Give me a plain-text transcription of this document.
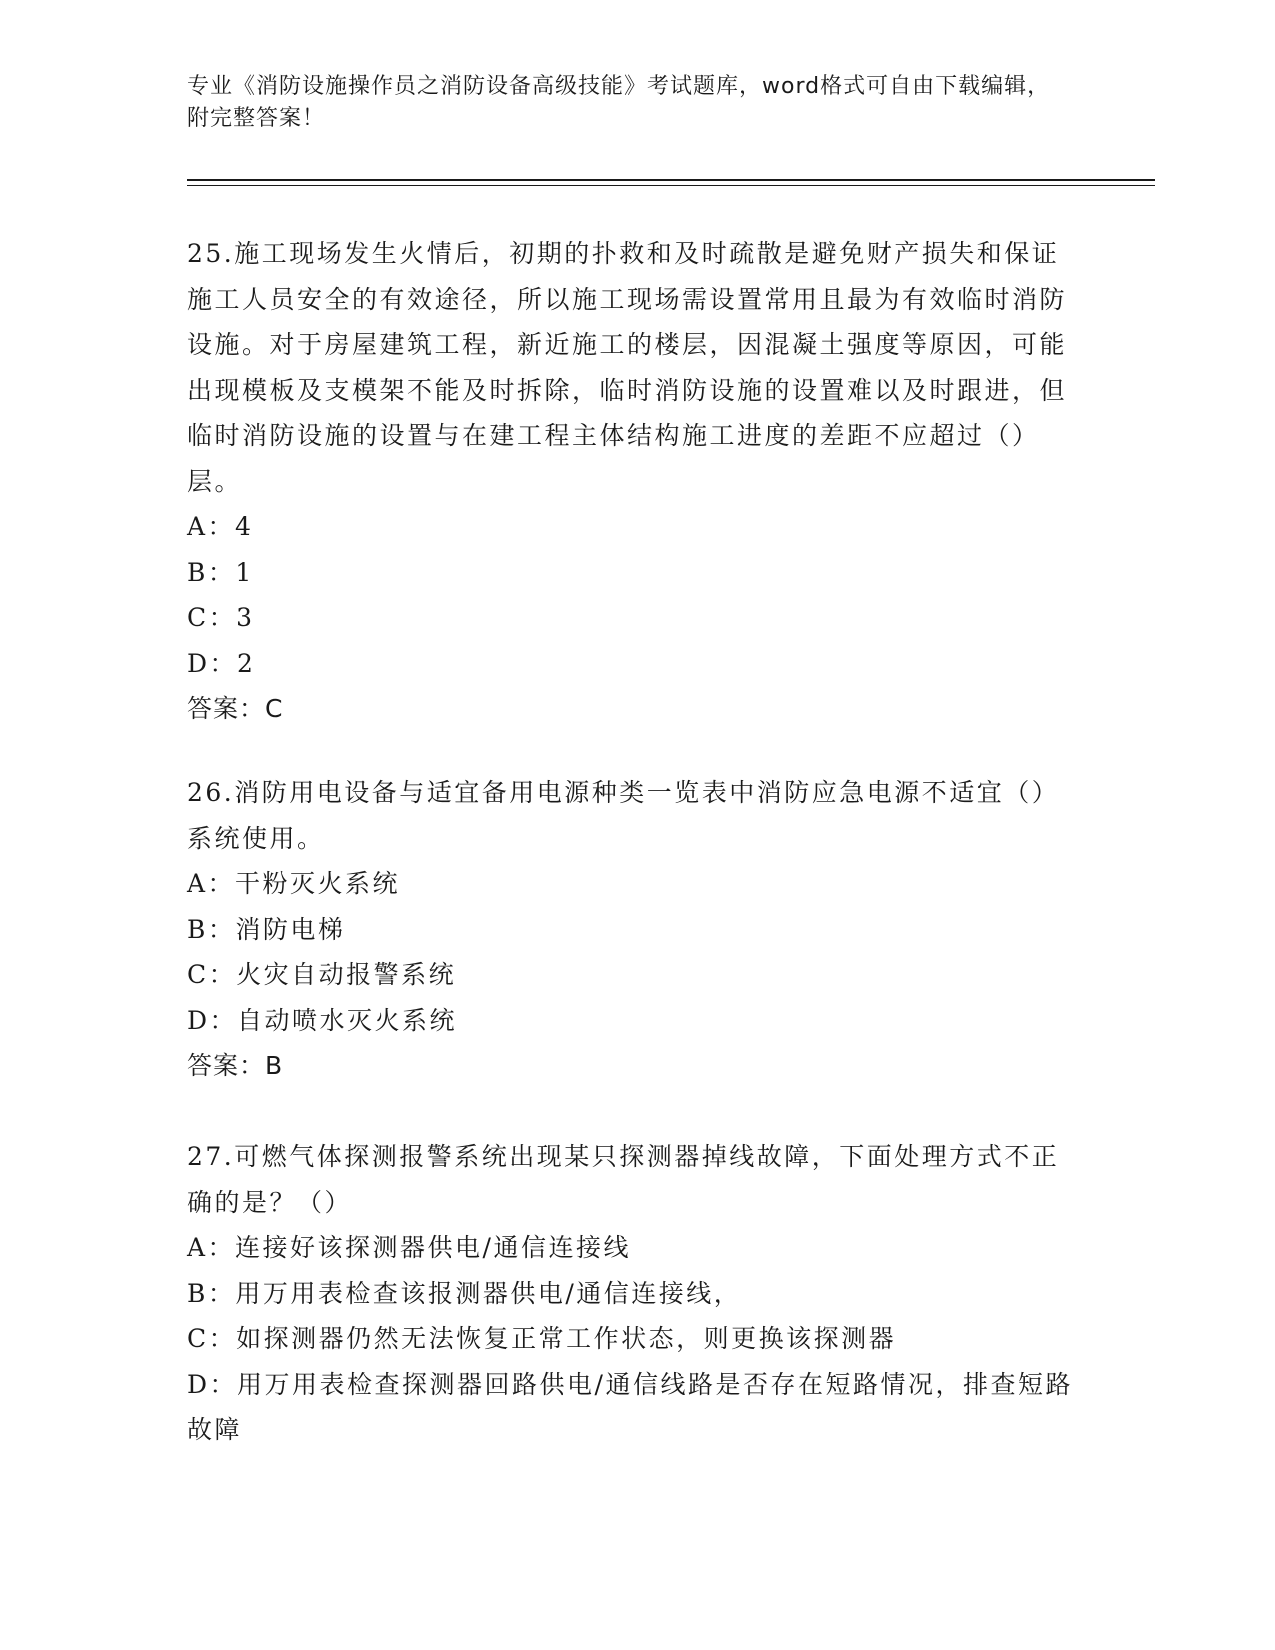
专业《消防设施操作员之消防设备高级技能》考试题库，word格式可自由下载编辑，附完整答案！

25.施工现场发生火情后，初期的扑救和及时疏散是避免财产损失和保证施工人员安全的有效途径，所以施工现场需设置常用且最为有效临时消防设施。对于房屋建筑工程，新近施工的楼层，因混凝土强度等原因，可能出现模板及支模架不能及时拆除，临时消防设施的设置难以及时跟进，但临时消防设施的设置与在建工程主体结构施工进度的差距不应超过（）层。

A：4

B：1

C：3

D：2

答案：C

26.消防用电设备与适宜备用电源种类一览表中消防应急电源不适宜（）系统使用。

A：干粉灭火系统

B：消防电梯

C：火灾自动报警系统

D：自动喷水灭火系统

答案：B

27.可燃气体探测报警系统出现某只探测器掉线故障，下面处理方式不正确的是？（）

A：连接好该探测器供电/通信连接线

B：用万用表检查该报测器供电/通信连接线，

C：如探测器仍然无法恢复正常工作状态，则更换该探测器

D：用万用表检查探测器回路供电/通信线路是否存在短路情况，排查短路故障
